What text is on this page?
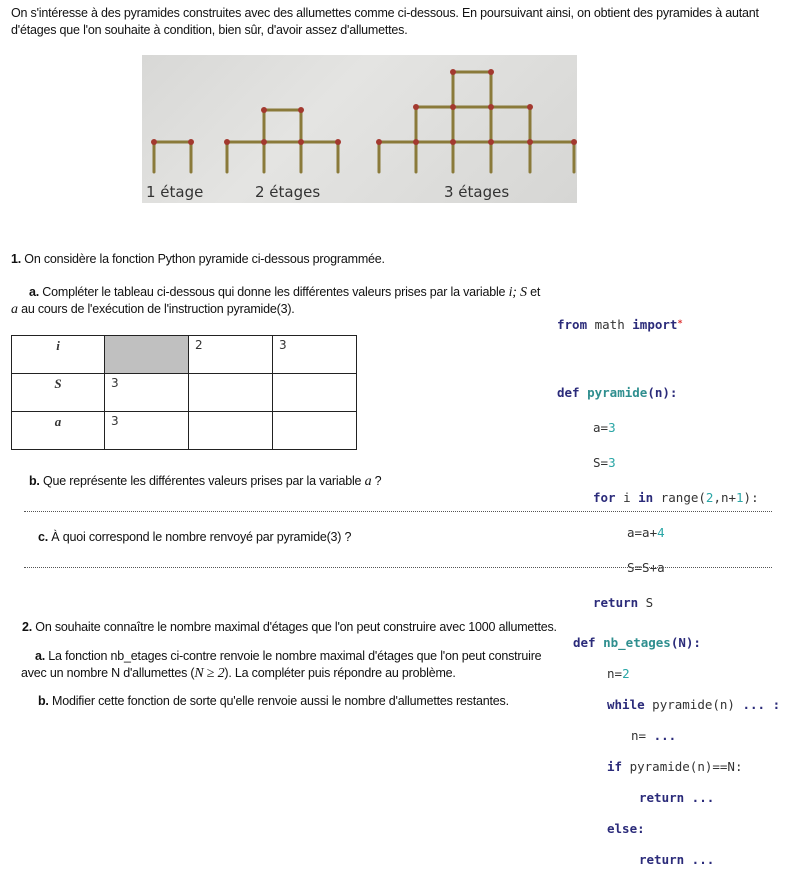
On s'intéresse à des pyramides construites avec des allumettes comme ci-dessous. En poursuivant ainsi, on obtient des pyramides à autant
d'étages que l'on souhaite à condition, bien sûr, d'avoir assez d'allumettes.
1 étage	2 étages	3 étages
1. On considère la fonction Python pyramide ci-dessous programmée.
a. Compléter le tableau ci-dessous qui donne les différentes valeurs prises par la variable i; S et
a au cours de l'exécution de l'instruction pyramide(3).
i		2	3
S	3		
a	3		

from math import*

def pyramide(n):

a=3

S=3

for i in range(2,n+1):

a=a+4

S=S+a

return S

b. Que représente les différentes valeurs prises par la variable a ?
c. À quoi correspond le nombre renvoyé par pyramide(3) ?
2. On souhaite connaître le nombre maximal d'étages que l'on peut construire avec 1000 allumettes.
a. La fonction nb_etages ci-contre renvoie le nombre maximal d'étages que l'on peut construire
avec un nombre N d'allumettes (N ≥ 2). La compléter puis répondre au problème.
b. Modifier cette fonction de sorte qu'elle renvoie aussi le nombre d'allumettes restantes.

def nb_etages(N):

n=2

while pyramide(n) ... :

n= ...

if pyramide(n)==N:

return ...

else:

return ...
